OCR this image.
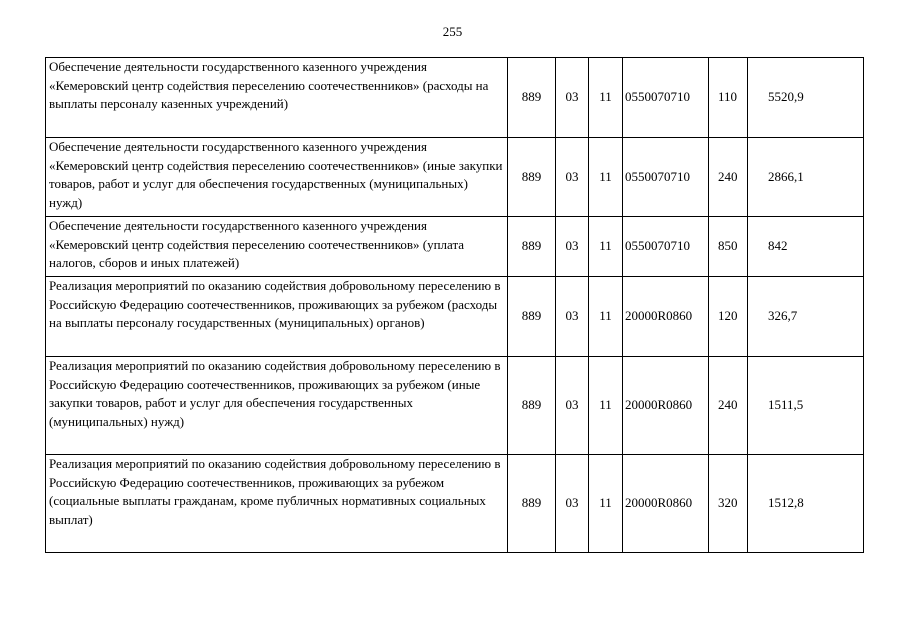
255
Обеспечение деятельности государственного казенного учреждения «Кемеровский центр содействия переселению соотечественников» (расходы на выплаты персоналу казенных учреждений)	889	03	11	0550070710	110	5520,9
Обеспечение деятельности государственного казенного учреждения «Кемеровский центр содействия переселению соотечественников» (иные закупки товаров, работ и услуг для обеспечения государственных (муниципальных) нужд)	889	03	11	0550070710	240	2866,1
Обеспечение деятельности государственного казенного учреждения «Кемеровский центр содействия переселению соотечественников» (уплата налогов, сборов и иных платежей)	889	03	11	0550070710	850	842
Реализация мероприятий по оказанию содействия добровольному переселению в Российскую Федерацию соотечественников, проживающих за рубежом (расходы на выплаты персоналу государственных (муниципальных) органов)	889	03	11	20000R0860	120	326,7
Реализация мероприятий по оказанию содействия добровольному переселению в Российскую Федерацию соотечественников, проживающих за рубежом (иные закупки товаров, работ и услуг для обеспечения государственных (муниципальных) нужд)	889	03	11	20000R0860	240	1511,5
Реализация мероприятий по оказанию содействия добровольному переселению в Российскую Федерацию соотечественников, проживающих за рубежом (социальные выплаты гражданам, кроме публичных нормативных социальных выплат)	889	03	11	20000R0860	320	1512,8
